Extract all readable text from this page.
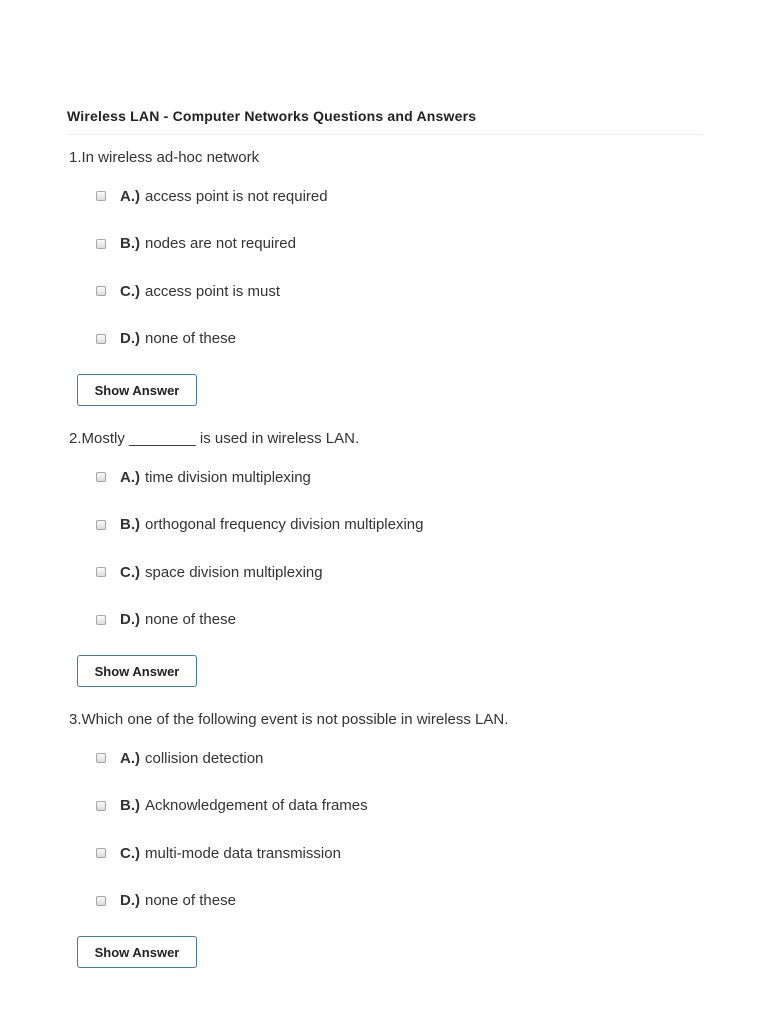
Wireless LAN - Computer Networks Questions and Answers
1.In wireless ad-hoc network
A.) access point is not required
B.) nodes are not required
C.) access point is must
D.) none of these
Show Answer
2.Mostly ________ is used in wireless LAN.
A.) time division multiplexing
B.) orthogonal frequency division multiplexing
C.) space division multiplexing
D.) none of these
Show Answer
3.Which one of the following event is not possible in wireless LAN.
A.) collision detection
B.) Acknowledgement of data frames
C.) multi-mode data transmission
D.) none of these
Show Answer
